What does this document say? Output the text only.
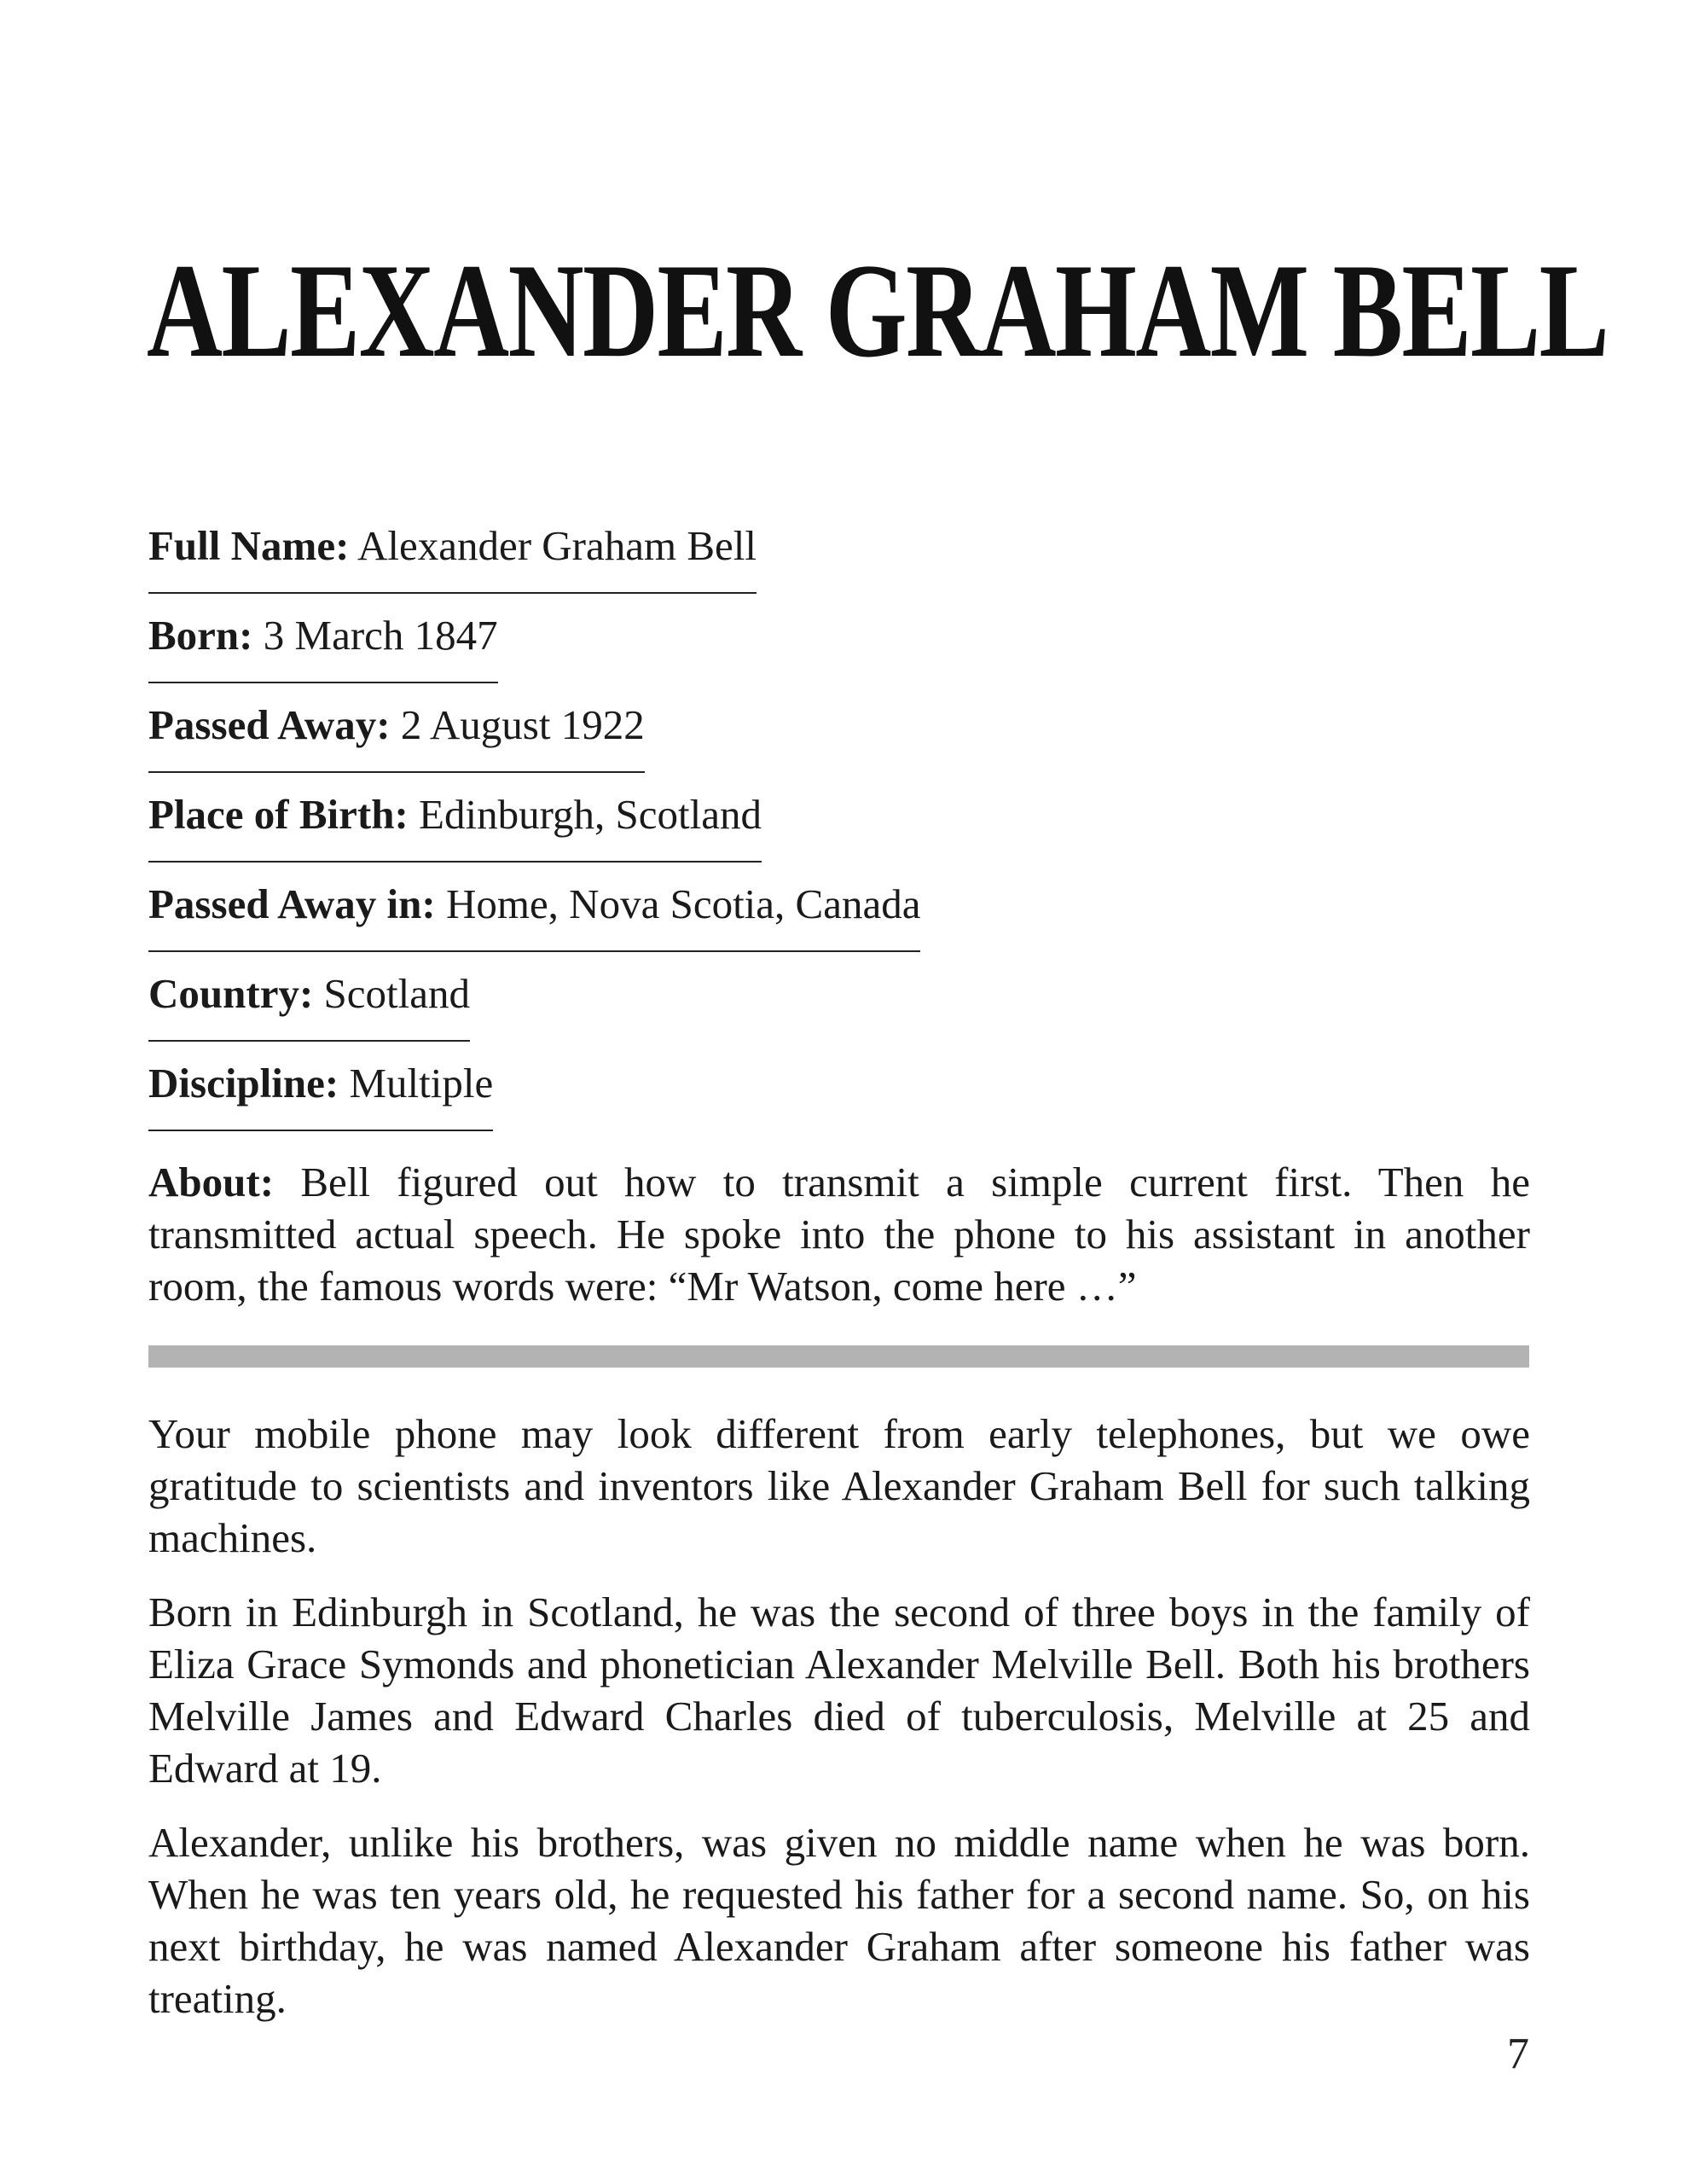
ALEXANDER GRAHAM BELL
Full Name: Alexander Graham Bell
Born: 3 March 1847
Passed Away: 2 August 1922
Place of Birth: Edinburgh, Scotland
Passed Away in: Home, Nova Scotia, Canada
Country: Scotland
Discipline: Multiple
About: Bell figured out how to transmit a simple current first. Then he transmitted actual speech. He spoke into the phone to his assistant in another room, the famous words were: “Mr Watson, come here …”

Your mobile phone may look different from early telephones, but we owe gratitude to scientists and inventors like Alexander Graham Bell for such talking machines.

Born in Edinburgh in Scotland, he was the second of three boys in the family of Eliza Grace Symonds and phonetician Alexander Melville Bell. Both his brothers Melville James and Edward Charles died of tuberculosis, Melville at 25 and Edward at 19.

Alexander, unlike his brothers, was given no middle name when he was born. When he was ten years old, he requested his father for a second name. So, on his next birthday, he was named Alexander Graham after someone his father was treating.

7
